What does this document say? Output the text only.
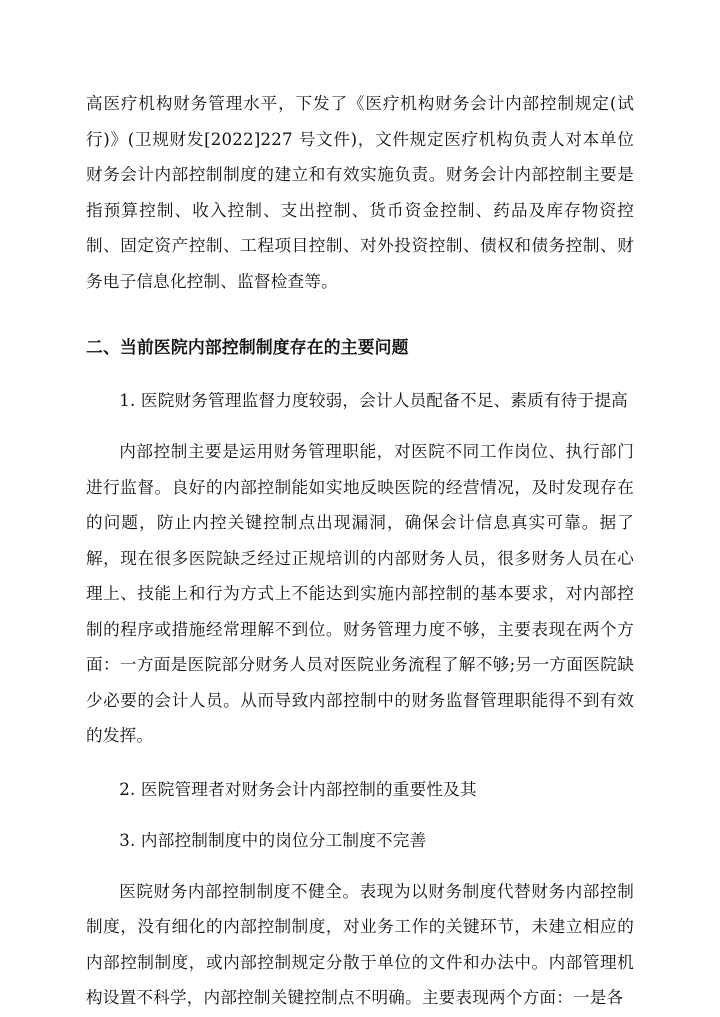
高医疗机构财务管理水平，下发了《医疗机构财务会计内部控制规定(试行)》(卫规财发[2022]227 号文件)，文件规定医疗机构负责人对本单位财务会计内部控制制度的建立和有效实施负责。财务会计内部控制主要是指预算控制、收入控制、支出控制、货币资金控制、药品及库存物资控制、固定资产控制、工程项目控制、对外投资控制、债权和债务控制、财务电子信息化控制、监督检查等。

二、当前医院内部控制制度存在的主要问题

1. 医院财务管理监督力度较弱，会计人员配备不足、素质有待于提高

内部控制主要是运用财务管理职能，对医院不同工作岗位、执行部门进行监督。良好的内部控制能如实地反映医院的经营情况，及时发现存在的问题，防止内控关键控制点出现漏洞，确保会计信息真实可靠。据了解，现在很多医院缺乏经过正规培训的内部财务人员，很多财务人员在心理上、技能上和行为方式上不能达到实施内部控制的基本要求，对内部控制的程序或措施经常理解不到位。财务管理力度不够，主要表现在两个方面：一方面是医院部分财务人员对医院业务流程了解不够;另一方面医院缺少必要的会计人员。从而导致内部控制中的财务监督管理职能得不到有效的发挥。

2. 医院管理者对财务会计内部控制的重要性及其

3. 内部控制制度中的岗位分工制度不完善

医院财务内部控制制度不健全。表现为以财务制度代替财务内部控制制度，没有细化的内部控制制度，对业务工作的关键环节，未建立相应的内部控制制度，或内部控制规定分散于单位的文件和办法中。内部管理机构设置不科学，内部控制关键控制点不明确。主要表现两个方面：一是各
